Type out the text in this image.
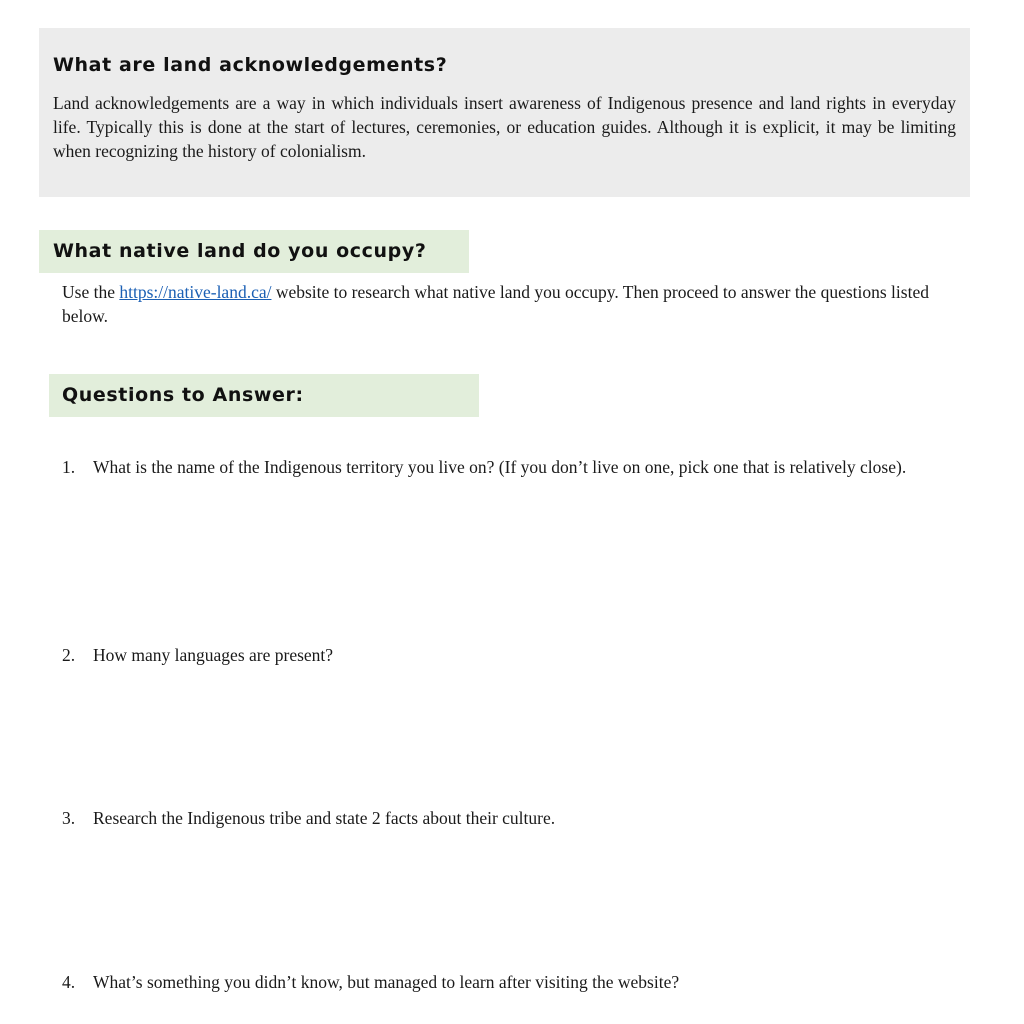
What are land acknowledgements?

Land acknowledgements are a way in which individuals insert awareness of Indigenous presence and land rights in everyday life. Typically this is done at the start of lectures, ceremonies, or education guides. Although it is explicit, it may be limiting when recognizing the history of colonialism.

What native land do you occupy?

Use the https://native-land.ca/ website to research what native land you occupy. Then proceed to answer the questions listed below.

Questions to Answer:
1.	What is the name of the Indigenous territory you live on? (If you don’t live on one, pick one that is relatively close).
2.	How many languages are present?
3.	Research the Indigenous tribe and state 2 facts about their culture.
4.	What’s something you didn’t know, but managed to learn after visiting the website?
